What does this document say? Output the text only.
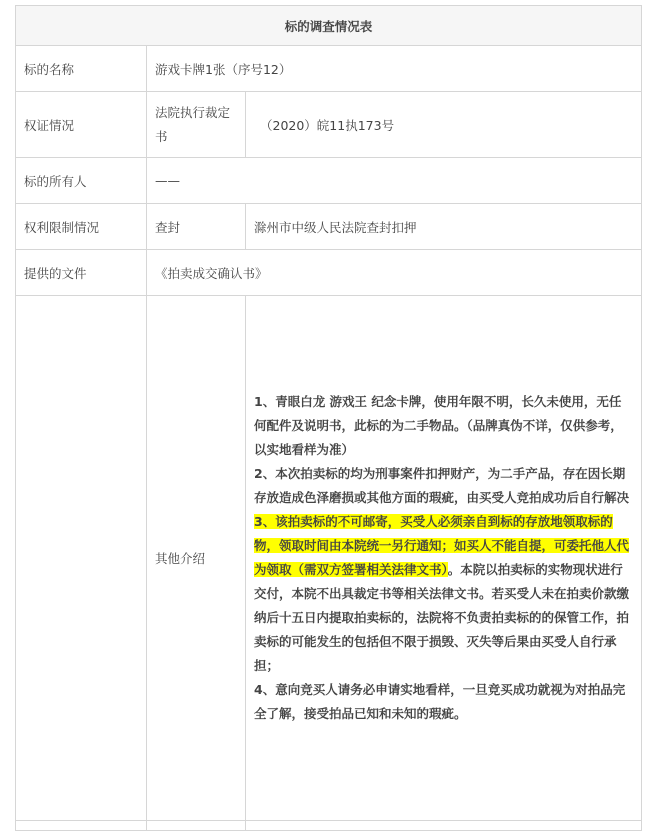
标的调查情况表		
标的名称	游戏卡牌1张（序号12）	
权证情况	法院执行裁定书	（2020）皖11执173号
标的所有人	——	
权利限制情况	查封	滁州市中级人民法院查封扣押
提供的文件	《拍卖成交确认书》	
	其他介绍	1、青眼白龙 游戏王 纪念卡牌，使用年限不明，长久未使用，无任何配件及说明书，此标的为二手物品。（品牌真伪不详，仅供参考，以实地看样为准）

2、本次拍卖标的均为刑事案件扣押财产，为二手产品，存在因长期存放造成色泽磨损或其他方面的瑕疵，由买受人竞拍成功后自行解决

3、该拍卖标的不可邮寄，买受人必须亲自到标的存放地领取标的物，领取时间由本院统一另行通知；如买人不能自提，可委托他人代为领取（需双方签署相关法律文书）。本院以拍卖标的实物现状进行交付，本院不出具裁定书等相关法律文书。若买受人未在拍卖价款缴纳后十五日内提取拍卖标的，法院将不负责拍卖标的的保管工作，拍卖标的可能发生的包括但不限于损毁、灭失等后果由买受人自行承担；

4、意向竞买人请务必申请实地看样，一旦竞买成功就视为对拍品完全了解，接受拍品已知和未知的瑕疵。
